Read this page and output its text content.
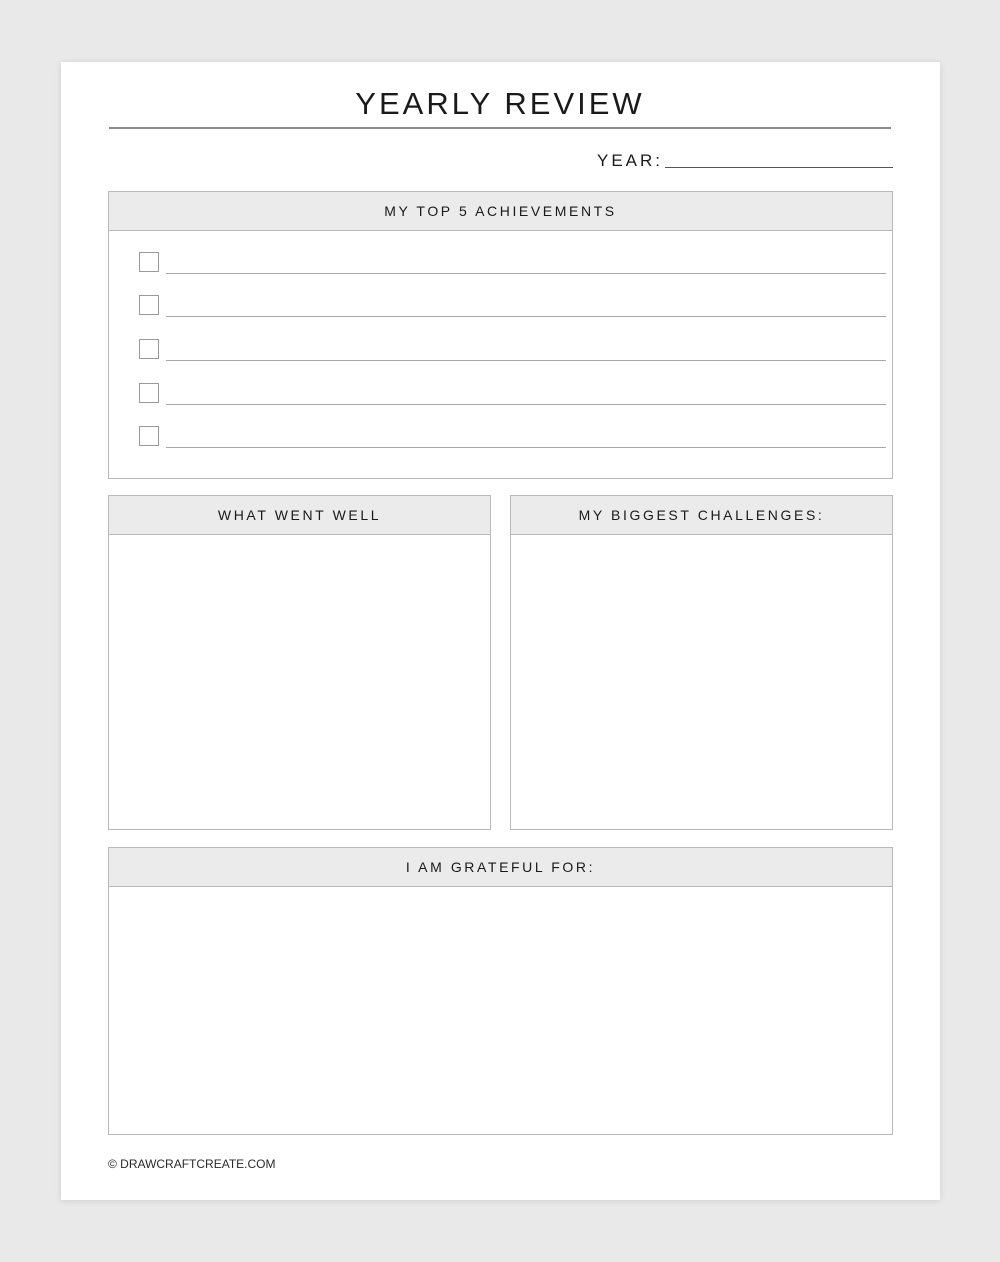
YEARLY REVIEW
YEAR:
MY TOP 5 ACHIEVEMENTS
WHAT WENT WELL	MY BIGGEST CHALLENGES:
I AM GRATEFUL FOR:
© DRAWCRAFTCREATE.COM
